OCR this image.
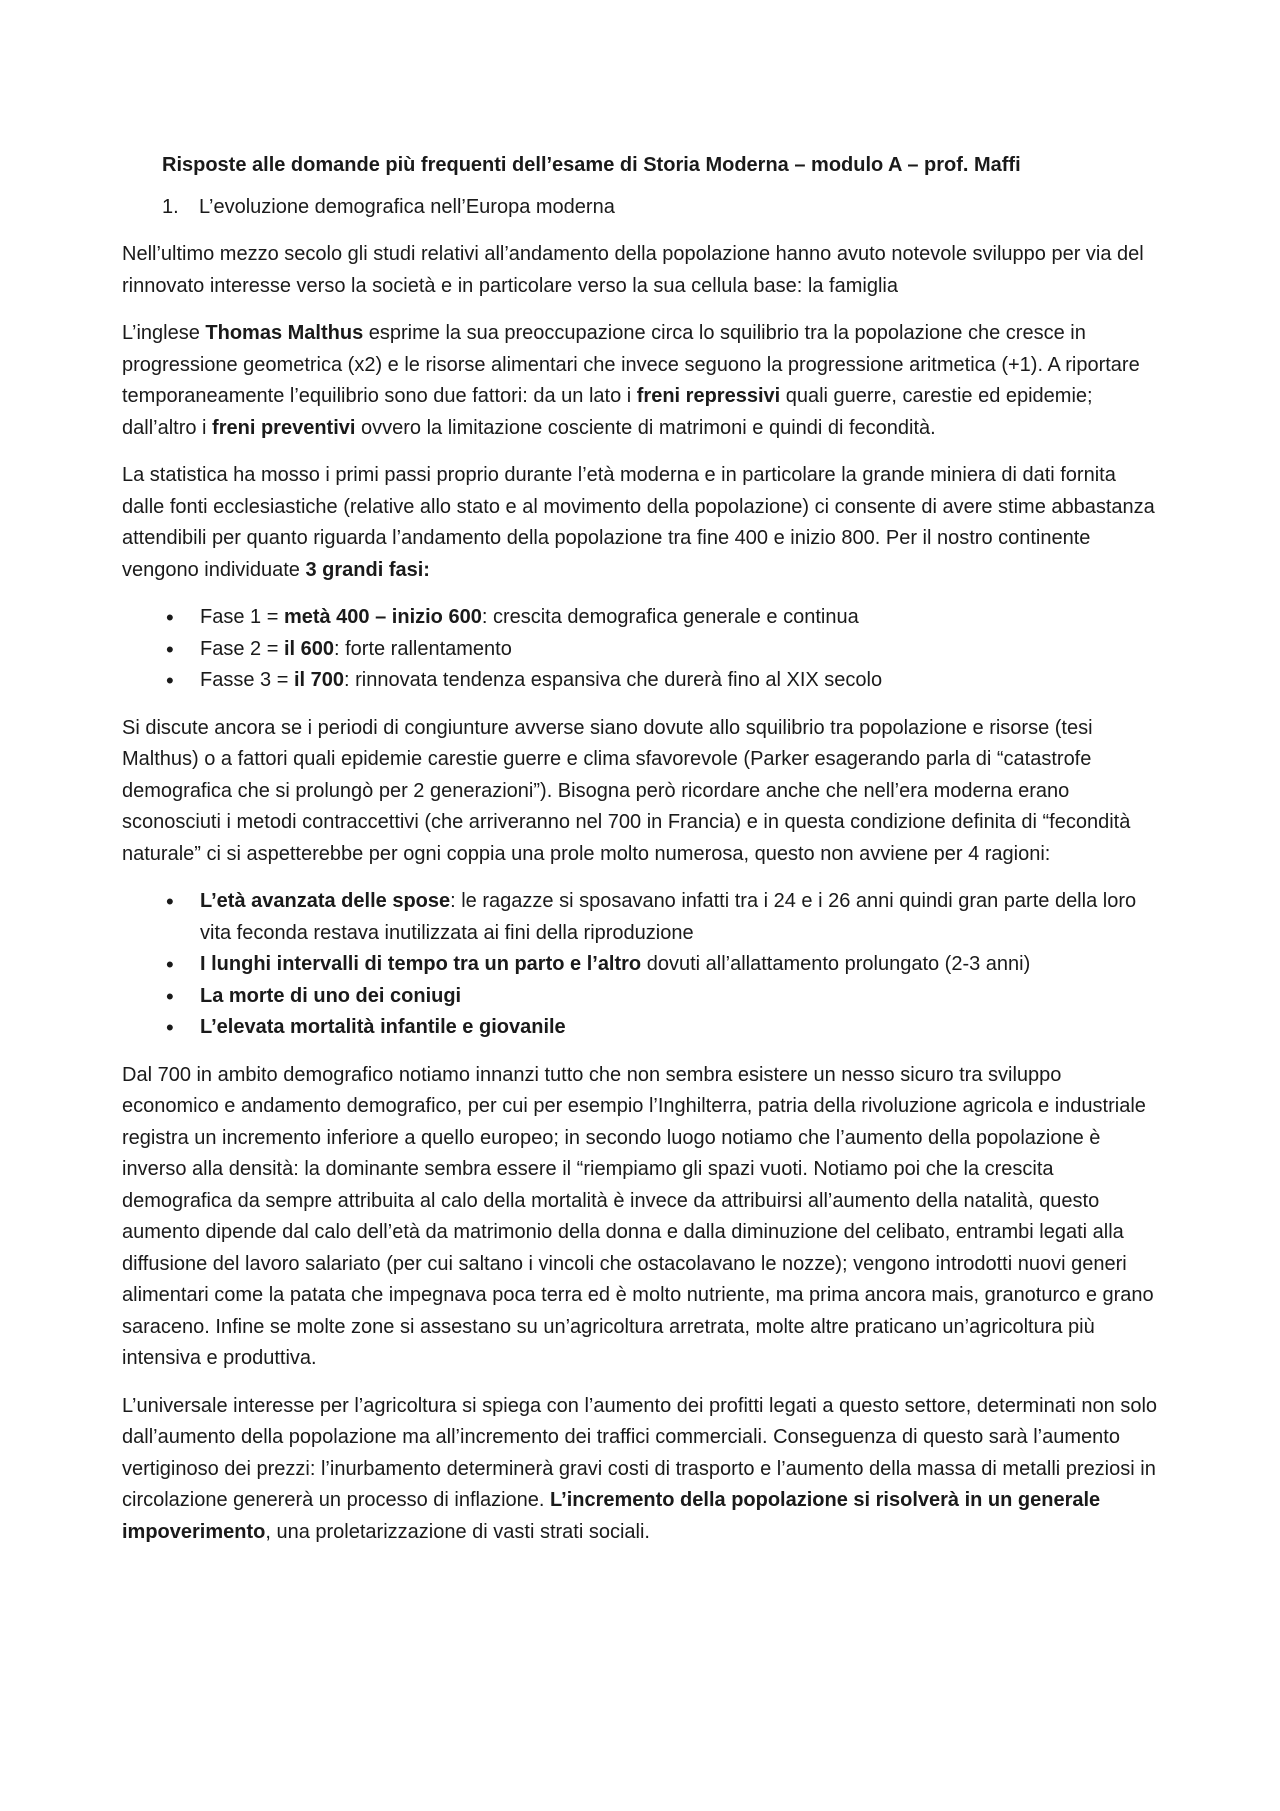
Risposte alle domande più frequenti dell’esame di Storia Moderna – modulo A – prof. Maffi
1.	L’evoluzione demografica nell’Europa moderna

Nell’ultimo mezzo secolo gli studi relativi all’andamento della popolazione hanno avuto notevole sviluppo per via del rinnovato interesse verso la società e in particolare verso la sua cellula base: la famiglia

L’inglese Thomas Malthus esprime la sua preoccupazione circa lo squilibrio tra la popolazione che cresce in progressione geometrica (x2) e le risorse alimentari che invece seguono la progressione aritmetica (+1). A riportare temporaneamente l’equilibrio sono due fattori: da un lato i freni repressivi quali guerre, carestie ed epidemie; dall’altro i freni preventivi ovvero la limitazione cosciente di matrimoni e quindi di fecondità.

La statistica ha mosso i primi passi proprio durante l’età moderna e in particolare la grande miniera di dati fornita dalle fonti ecclesiastiche (relative allo stato e al movimento della popolazione) ci consente di avere stime abbastanza attendibili per quanto riguarda l’andamento della popolazione tra fine 400 e inizio 800. Per il nostro continente vengono individuate 3 grandi fasi:

• Fase 1 = metà 400 – inizio 600: crescita demografica generale e continua
• Fase 2 = il 600: forte rallentamento
• Fasse 3 = il 700: rinnovata tendenza espansiva che durerà fino al XIX secolo

Si discute ancora se i periodi di congiunture avverse siano dovute allo squilibrio tra popolazione e risorse (tesi Malthus) o a fattori quali epidemie carestie guerre e clima sfavorevole (Parker esagerando parla di “catastrofe demografica che si prolungò per 2 generazioni”). Bisogna però ricordare anche che nell’era moderna erano sconosciuti i metodi contraccettivi (che arriveranno nel 700 in Francia) e in questa condizione definita di “fecondità naturale” ci si aspetterebbe per ogni coppia una prole molto numerosa, questo non avviene per 4 ragioni:

• L’età avanzata delle spose: le ragazze si sposavano infatti tra i 24 e i 26 anni quindi gran parte della loro vita feconda restava inutilizzata ai fini della riproduzione
• I lunghi intervalli di tempo tra un parto e l’altro dovuti all’allattamento prolungato (2-3 anni)
• La morte di uno dei coniugi
• L’elevata mortalità infantile e giovanile

Dal 700 in ambito demografico notiamo innanzi tutto che non sembra esistere un nesso sicuro tra sviluppo economico e andamento demografico, per cui per esempio l’Inghilterra, patria della rivoluzione agricola e industriale registra un incremento inferiore a quello europeo; in secondo luogo notiamo che l’aumento della popolazione è inverso alla densità: la dominante sembra essere il “riempiamo gli spazi vuoti. Notiamo poi che la crescita demografica da sempre attribuita al calo della mortalità è invece da attribuirsi all’aumento della natalità, questo aumento dipende dal calo dell’età da matrimonio della donna e dalla diminuzione del celibato, entrambi legati alla diffusione del lavoro salariato (per cui saltano i vincoli che ostacolavano le nozze); vengono introdotti nuovi generi alimentari come la patata che impegnava poca terra ed è molto nutriente, ma prima ancora mais, granoturco e grano saraceno. Infine se molte zone si assestano su un’agricoltura arretrata, molte altre praticano un’agricoltura più intensiva e produttiva.

L’universale interesse per l’agricoltura si spiega con l’aumento dei profitti legati a questo settore, determinati non solo dall’aumento della popolazione ma all’incremento dei traffici commerciali. Conseguenza di questo sarà l’aumento vertiginoso dei prezzi: l’inurbamento determinerà gravi costi di trasporto e l’aumento della massa di metalli preziosi in circolazione genererà un processo di inflazione. L’incremento della popolazione si risolverà in un generale impoverimento, una proletarizzazione di vasti strati sociali.
